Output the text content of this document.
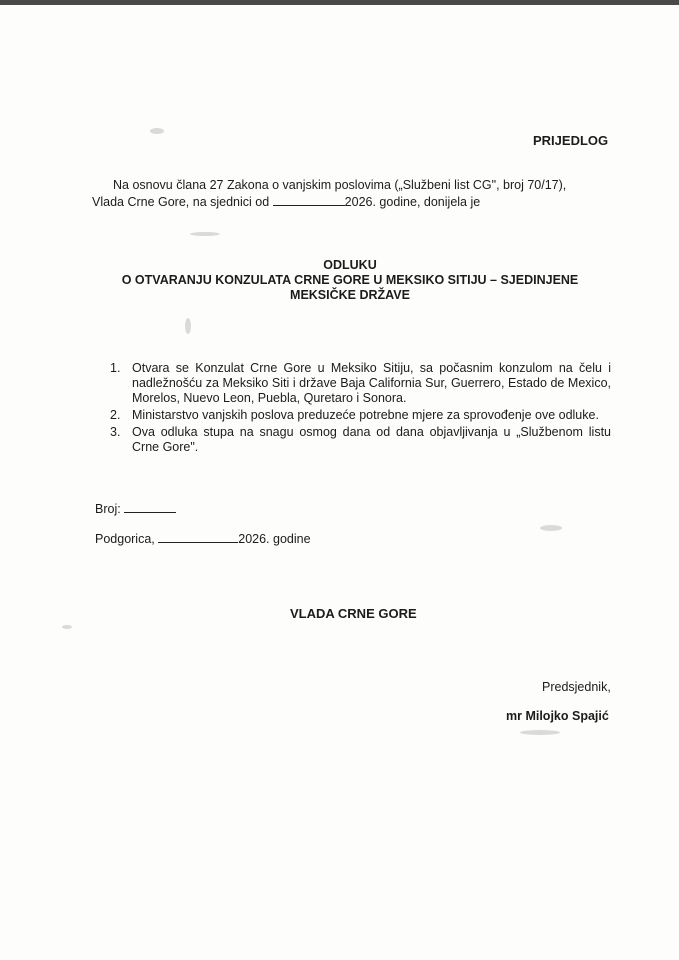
PRIJEDLOG

Na osnovu člana 27 Zakona o vanjskim poslovima („Službeni list CG", broj 70/17),

Vlada Crne Gore, na sjednici od	2026. godine, donijela je

ODLUKU
O OTVARANJU KONZULATA CRNE GORE U MEKSIKO SITIJU – SJEDINJENE
MEKSIČKE DRŽAVE
1. Otvara se Konzulat Crne Gore u Meksiko Sitiju, sa počasnim konzulom na čelu i nadležnošću za Meksiko Siti i države Baja California Sur, Guerrero, Estado de Mexico, Morelos, Nuevo Leon, Puebla, Quretaro i Sonora.
2. Ministarstvo vanjskih poslova preduzeće potrebne mjere za sprovođenje ove odluke.
3. Ova odluka stupa na snagu osmog dana od dana objavljivanja u „Službenom listu Crne Gore".
Broj:
Podgorica,	2026. godine
VLADA CRNE GORE
Predsjednik,
mr Milojko Spajić
